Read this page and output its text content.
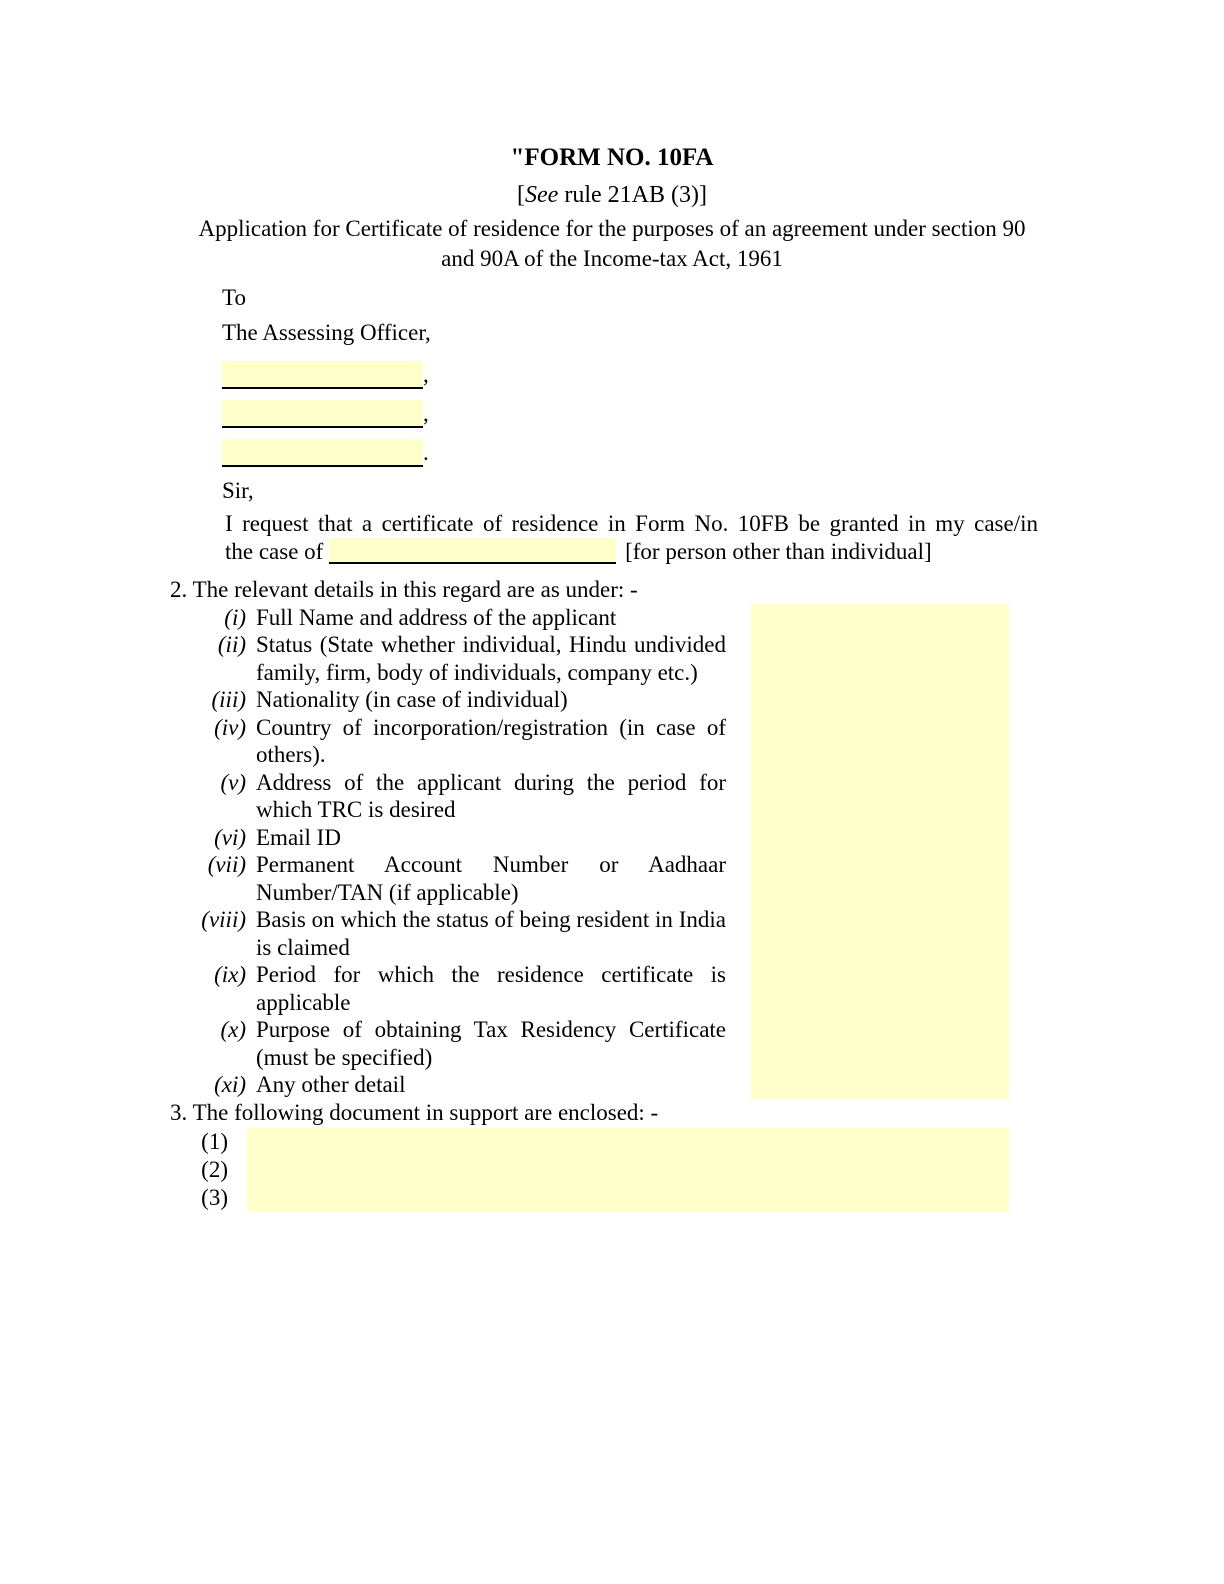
"FORM NO. 10FA
[See rule 21AB (3)]
Application for Certificate of residence for the purposes of an agreement under section 90
and 90A of the Income-tax Act, 1961
To
The Assessing Officer,
,
,
.
Sir,
I request that a certificate of residence in Form No. 10FB be granted in my case/in
the case of	[for person other than individual]
2. The relevant details in this regard are as under: -
(i) Full Name and address of the applicant
(ii) Status (State whether individual, Hindu undivided family, firm, body of individuals, company etc.)
(iii) Nationality (in case of individual)
(iv) Country of incorporation/registration (in case of others).
(v) Address of the applicant during the period for which TRC is desired
(vi) Email ID
(vii) Permanent Account Number or Aadhaar Number/TAN (if applicable)
(viii) Basis on which the status of being resident in India is claimed
(ix) Period for which the residence certificate is applicable
(x) Purpose of obtaining Tax Residency Certificate (must be specified)
(xi) Any other detail
3. The following document in support are enclosed: -
(1)
(2)
(3)
